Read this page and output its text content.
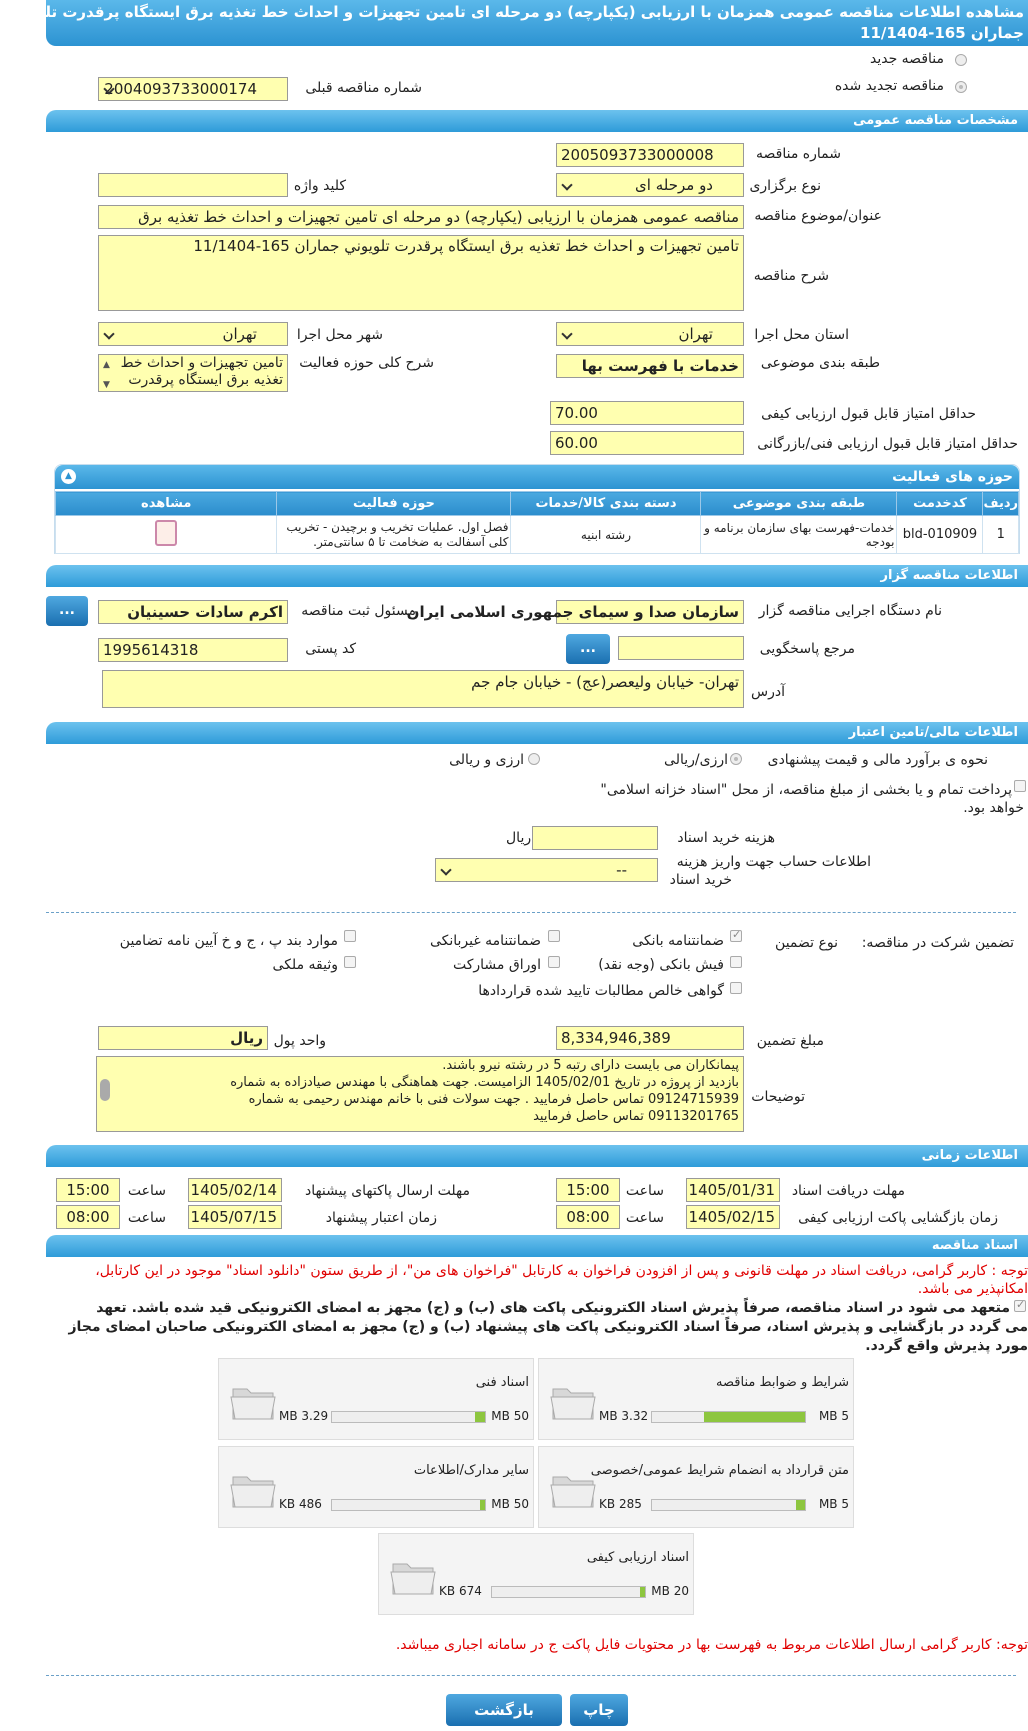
مشاهده اطلاعات مناقصه عمومی همزمان با ارزیابی (یکپارچه) دو مرحله ای تامین تجهیزات و احداث خط تغذیه برق ایستگاه پرقدرت تلويوني
جماران 165-11/1404
مناقصه جدید
مناقصه تجدید شده
شماره مناقصه قبلی
2004093733000174
مشخصات مناقصه عمومی
شماره مناقصه
2005093733000008
نوع برگزاری
دو مرحله ای
کلید واژه
عنوان/موضوع مناقصه
مناقصه عمومی همزمان با ارزیابی (یکپارچه) دو مرحله ای تامین تجهیزات و احداث خط تغذیه برق
شرح مناقصه
تامین تجهیزات و احداث خط تغذیه برق ایستگاه پرقدرت تلويوني جماران 165-11/1404
استان محل اجرا
تهران
شهر محل اجرا
تهران
طبقه بندی موضوعی
خدمات با فهرست بها
شرح کلی حوزه فعالیت
تامین تجهیزات و احداث خط
تغذیه برق ایستگاه پرقدرت
▲
▼
حداقل امتیاز قابل قبول ارزیابی کیفی
70.00
حداقل امتیاز قابل قبول ارزیابی فنی/بازرگانی
60.00
حوزه های فعالیت
▲
ردیف	کدخدمت	طبقه بندی موضوعی	دسته بندی کالا/خدمات	حوزه فعالیت	مشاهده
1	bld-010909	خدمات-فهرست بهای سازمان برنامه و بودجه	رشته ابنیه	فصل اول. عملیات تخریب و برچیدن - تخریب کلی آسفالت به ضخامت تا ۵ سانتی‌متر.	
اطلاعات مناقصه گزار
نام دستگاه اجرایی مناقصه گزار
سازمان صدا و سیمای جمهوری اسلامی ایران
مسئول ثبت مناقصه
اکرم سادات حسینیان
...
مرجع پاسخگویی
...
کد پستی
1995614318
آدرس
تهران- خیابان ولیعصر(عج) - خیابان جام جم
اطلاعات مالی/تامین اعتبار
نحوه ی برآورد مالی و قیمت پیشنهادی
ارزی/ریالی
ارزی و ریالی
پرداخت تمام و یا بخشی از مبلغ مناقصه، از محل "اسناد خزانه اسلامی"
خواهد بود.
هزینه خرید اسناد
ریال
اطلاعات حساب جهت واریز هزینه
خرید اسناد
--
تضمین شرکت در مناقصه:
نوع تضمین
✓
ضمانتنامه بانکی
ضمانتنامه غیربانکی
موارد بند پ ، ج و خ آیین نامه تضامین
فیش بانکی (وجه نقد)
اوراق مشارکت
وثیقه ملکی
گواهی خالص مطالبات تایید شده قراردادها
مبلغ تضمین
8,334,946,389
واحد پول
ریال
توضیحات
پیمانکاران می بایست دارای رتبه 5 در رشته نیرو باشند.
بازدید از پروژه در تاریخ 1405/02/01 الزامیست. جهت هماهنگی با مهندس صیادزاده به شماره
09124715939 تماس حاصل فرمایید . جهت سولات فنی با خانم مهندس رحیمی به شماره
09113201765 تماس حاصل فرمایید
اطلاعات زمانی
مهلت دریافت اسناد
1405/01/31
ساعت
15:00
مهلت ارسال پاکتهای پیشنهاد
1405/02/14
ساعت
15:00
زمان بازگشایی پاکت ارزیابی کیفی
1405/02/15
ساعت
08:00
زمان اعتبار پیشنهاد
1405/07/15
ساعت
08:00
اسناد مناقصه
توجه : کاربر گرامی، دریافت اسناد در مهلت قانونی و پس از افزودن فراخوان به کارتابل "فراخوان های من"، از طریق ستون "دانلود اسناد" موجود در این کارتابل،
امکانپذیر می باشد.
✓
متعهد می شود در اسناد مناقصه، صرفاً پذیرش اسناد الکترونیکی پاکت های (ب) و (ج) مجهز به امضای الکترونیکی قید شده باشد. تعهد
می گردد در بازگشایی و پذیرش اسناد، صرفاً اسناد الکترونیکی پاکت های پیشنهاد (ب) و (ج) مجهز به امضای الکترونیکی صاحبان امضای مجاز
مورد پذیرش واقع گردد.
شرایط و ضوابط مناقصه
5 MB
3.32 MB
اسناد فنی
50 MB
3.29 MB
متن قرارداد به انضمام شرایط عمومی/خصوصی
5 MB
285 KB
سایر مدارک/اطلاعات
50 MB
486 KB
اسناد ارزیابی کیفی
20 MB
674 KB
توجه: کاربر گرامی ارسال اطلاعات مربوط به فهرست بها در محتویات فایل پاکت ج در سامانه اجباری میباشد.
چاپ
بازگشت
